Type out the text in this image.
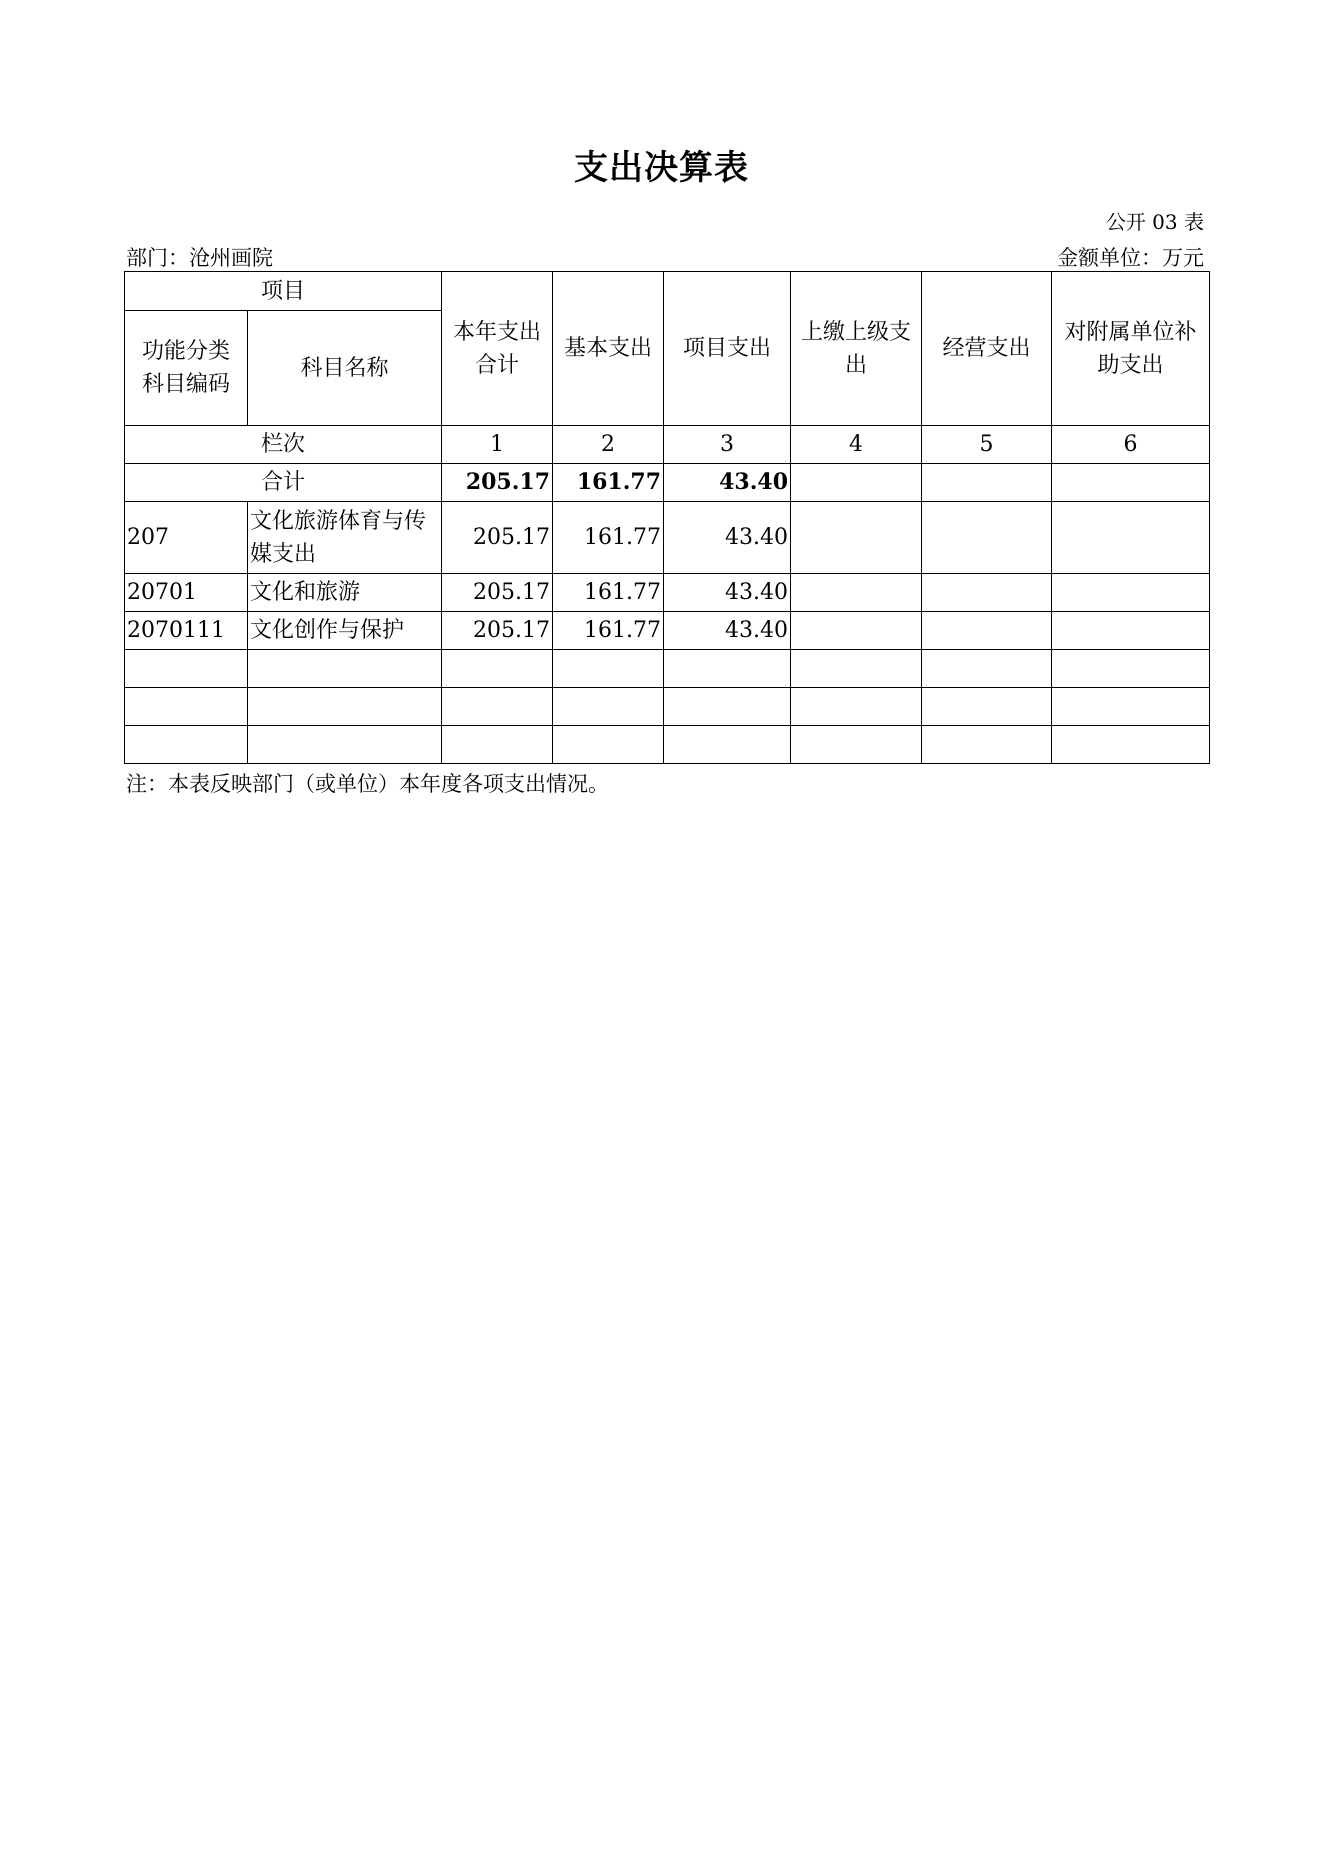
支出决算表
公开 03 表
部门：沧州画院	金额单位：万元
项目		本年支出合计	基本支出	项目支出	上缴上级支出	经营支出	对附属单位补助支出
功能分类科目编码	科目名称						
栏次		1	2	3	4	5	6
合计		205.17	161.77	43.40			
207	文化旅游体育与传媒支出	205.17	161.77	43.40			
20701	文化和旅游	205.17	161.77	43.40			
2070111	文化创作与保护	205.17	161.77	43.40			

注：本表反映部门（或单位）本年度各项支出情况。
